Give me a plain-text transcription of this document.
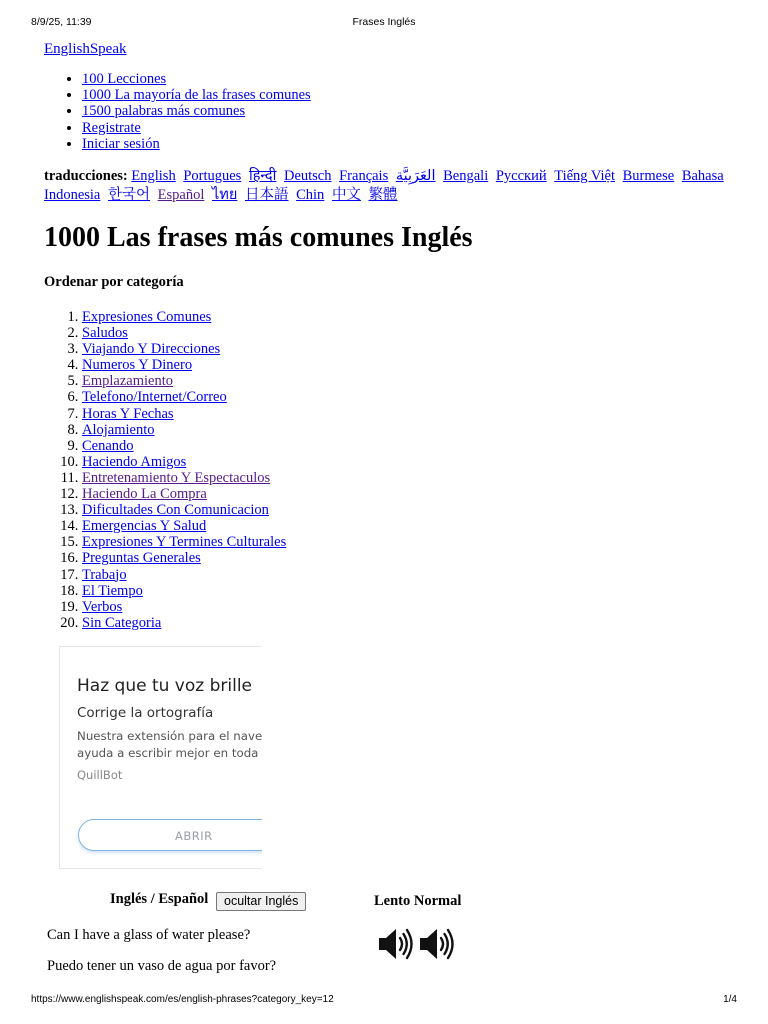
8/9/25, 11:39	Frases Inglés
EnglishSpeak
• 100 Lecciones
• 1000 La mayoría de las frases comunes
• 1500 palabras más comunes
• Registrate
• Iniciar sesión
traducciones: English Portugues हिन्दी Deutsch Français العَرَبِيَّة Bengali Русский Tiếng Việt Burmese Bahasa Indonesia 한국어 Español ไทย 日本語 Chin 中文 繁體
1000 Las frases más comunes Inglés
Ordenar por categoría
1. Expresiones Comunes
2. Saludos
3. Viajando Y Direcciones
4. Numeros Y Dinero
5. Emplazamiento
6. Telefono/Internet/Correo
7. Horas Y Fechas
8. Alojamiento
9. Cenando
10. Haciendo Amigos
11. Entretenamiento Y Espectaculos
12. Haciendo La Compra
13. Dificultades Con Comunicacion
14. Emergencias Y Salud
15. Expresiones Y Termines Culturales
16. Preguntas Generales
17. Trabajo
18. El Tiempo
19. Verbos
20. Sin Categoria
Haz que tu voz brille
Corrige la ortografía
Nuestra extensión para el nave
ayuda a escribir mejor en toda
QuillBot
ABRIR
Inglés / Español	ocultar Inglés	Lento Normal
Can I have a glass of water please?
Puedo tener un vaso de agua por favor?
https://www.englishspeak.com/es/english-phrases?category_key=12	1/4
